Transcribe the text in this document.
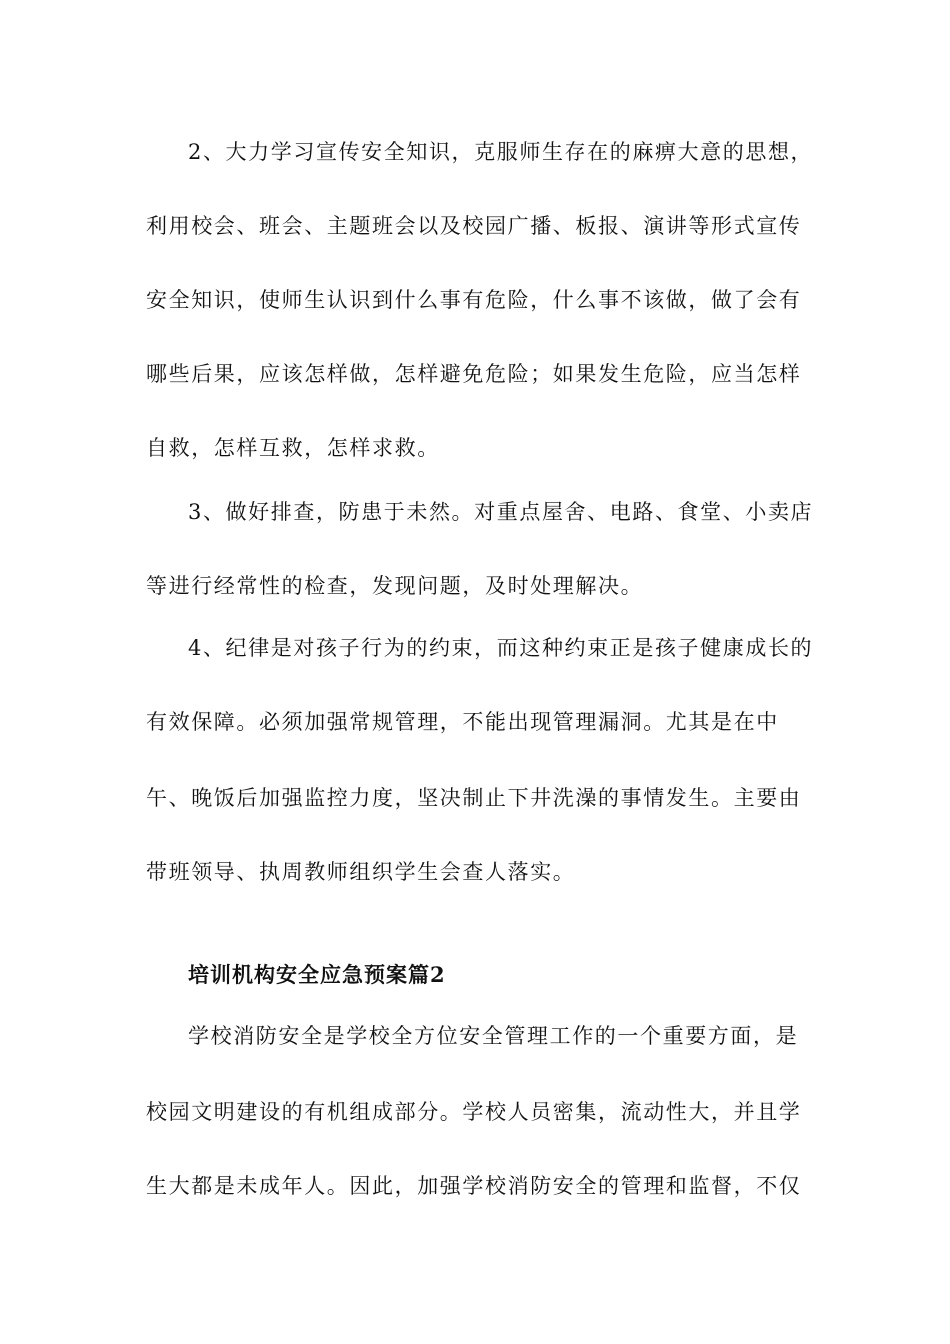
2、大力学习宣传安全知识，克服师生存在的麻痹大意的思想，
利用校会、班会、主题班会以及校园广播、板报、演讲等形式宣传
安全知识，使师生认识到什么事有危险，什么事不该做，做了会有
哪些后果，应该怎样做，怎样避免危险；如果发生危险，应当怎样
自救，怎样互救，怎样求救。
3、做好排查，防患于未然。对重点屋舍、电路、食堂、小卖店
等进行经常性的检查，发现问题，及时处理解决。
4、纪律是对孩子行为的约束，而这种约束正是孩子健康成长的
有效保障。必须加强常规管理，不能出现管理漏洞。尤其是在中
午、晚饭后加强监控力度，坚决制止下井洗澡的事情发生。主要由
带班领导、执周教师组织学生会查人落实。
培训机构安全应急预案篇2
学校消防安全是学校全方位安全管理工作的一个重要方面，是
校园文明建设的有机组成部分。学校人员密集，流动性大，并且学
生大都是未成年人。因此，加强学校消防安全的管理和监督，不仅
